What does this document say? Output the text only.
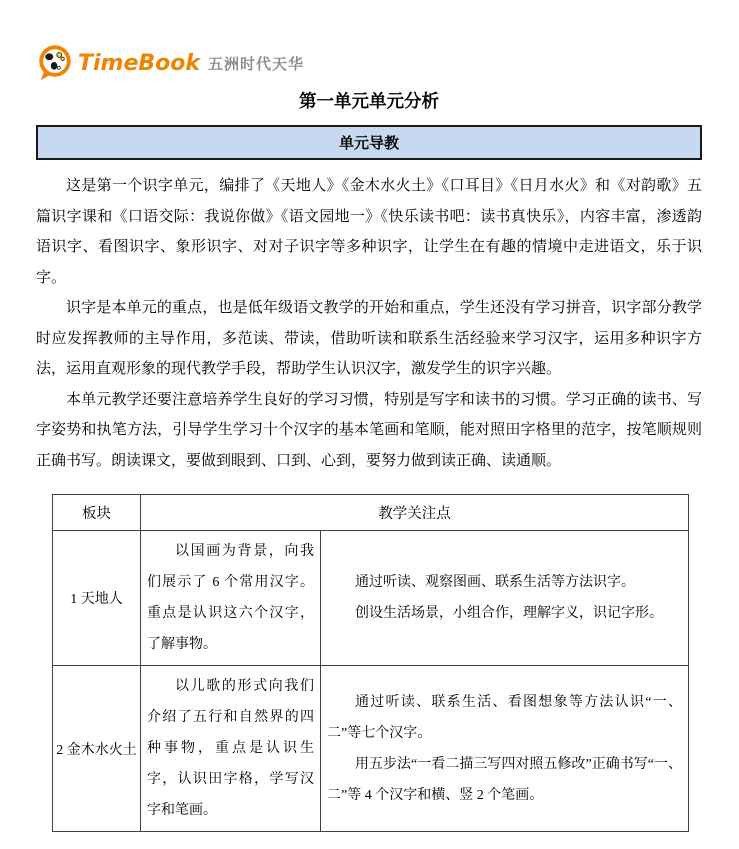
TimeBook 五洲时代天华
第一单元单元分析
单元导教

这是第一个识字单元，编排了《天地人》《金木水火土》《口耳目》《日月水火》和《对韵歌》五篇识字课和《口语交际：我说你做》《语文园地一》《快乐读书吧：读书真快乐》，内容丰富，渗透韵语识字、看图识字、象形识字、对对子识字等多种识字，让学生在有趣的情境中走进语文，乐于识字。

识字是本单元的重点，也是低年级语文教学的开始和重点，学生还没有学习拼音，识字部分教学时应发挥教师的主导作用，多范读、带读，借助听读和联系生活经验来学习汉字，运用多种识字方法，运用直观形象的现代教学手段，帮助学生认识汉字，激发学生的识字兴趣。

本单元教学还要注意培养学生良好的学习习惯，特别是写字和读书的习惯。学习正确的读书、写字姿势和执笔方法，引导学生学习十个汉字的基本笔画和笔顺，能对照田字格里的范字，按笔顺规则正确书写。朗读课文，要做到眼到、口到、心到，要努力做到读正确、读通顺。

板块	教学关注点	
1 天地人	以国画为背景，向我们展示了 6 个常用汉字。重点是认识这六个汉字，了解事物。	通过听读、观察图画、联系生活等方法识字。

创设生活场景，小组合作，理解字义，识记字形。

2 金木水火土	以儿歌的形式向我们介绍了五行和自然界的四种事物，重点是认识生字，认识田字格，学写汉字和笔画。	通过听读、联系生活、看图想象等方法认识“一、二”等七个汉字。

用五步法“一看二描三写四对照五修改”正确书写“一、二”等 4 个汉字和横、竖 2 个笔画。
